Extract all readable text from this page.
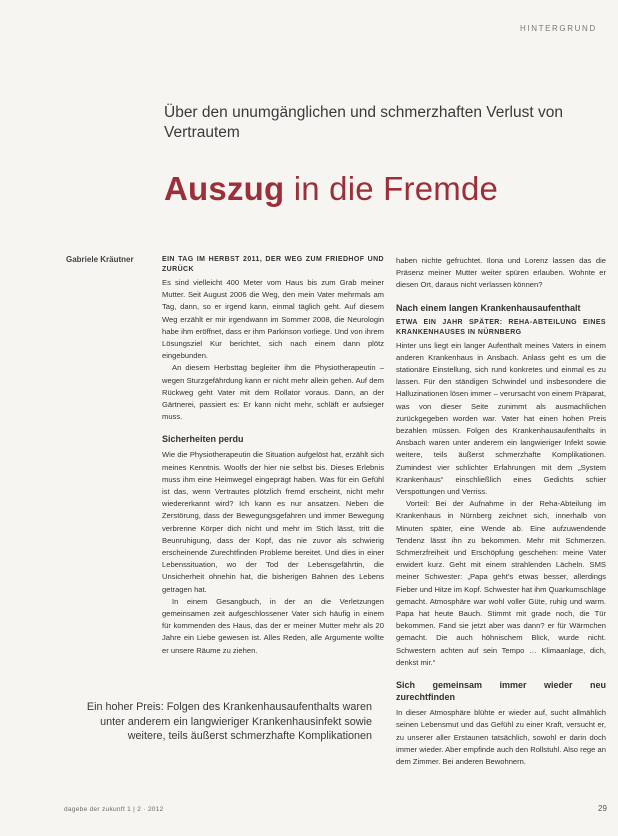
HINTERGRUND
Über den unumgänglichen und schmerzhaften Verlust von Vertrautem
Auszug in die Fremde
Gabriele Kräutner	EIN TAG IM HERBST 2011, DER WEG ZUM FRIEDHOF UND ZURÜCK

Es sind vielleicht 400 Meter vom Haus bis zum Grab meiner Mutter. Seit August 2006 die Weg, den mein Vater mehrmals am Tag, dann, so er irgend kann, einmal täglich geht. Auf diesem Weg erzählt er mir irgendwann im Sommer 2008, die Neurologin habe ihm eröffnet, dass er ihm Parkinson vorliege. Und von ihrem Lösungsziel Kur berichtet, sich nach einem dann plötz eingebunden.

An diesem Herbsttag begleiter ihm die Physiotherapeutin – wegen Sturzgefährdung kann er nicht mehr allein gehen. Auf dem Rückweg geht Vater mit dem Rollator voraus. Dann, an der Gärtnerei, passiert es: Er kann nicht mehr, schläft er aufsieger muss.

Sicherheiten perdu

Wie die Physiotherapeutin die Situation aufgelöst hat, erzählt sich meines Kenntnis. Woolfs der hier nie selbst bis. Dieses Erlebnis muss ihm eine Heimwegel eingeprägt haben. Was für ein Gefühl ist das, wenn Vertrautes plötzlich fremd erscheint, nicht mehr wiedererkannt wird? Ich kann es nur ansatzen. Neben die Zerstörung, dass der Bewegungsgefahren und immer Bewegung verbrenne Körper dich nicht und mehr im Stich lässt, tritt die Beunruhigung, dass der Kopf, das nie zuvor als schwierig erscheinende Zurechtfinden Probleme bereitet. Und dies in einer Lebenssituation, wo der Tod der Lebensgefährtin, die Unsicherheit ohnehin hat, die bisherigen Bahnen des Lebens getragen hat.

In einem Gesangbuch, in der an die Verletzungen gemeinsamen zeit aufgeschlossener Vater sich häufig in einem für kommenden des Haus, das der er meiner Mutter mehr als 20 Jahre ein Liebe gewesen ist. Alles Reden, alle Argumente wollte er unsere Räume zu ziehen.

haben nichte gefruchtet. Ilona und Lorenz lassen das die Präsenz meiner Mutter weiter spüren erlauben. Wohnte er diesen Ort, daraus nicht verlassen können?

Nach einem langen Krankenhausaufenthalt

ETWA EIN JAHR SPÄTER: REHA-ABTEILUNG EINES KRANKENHAUSES IN NÜRNBERG

Hinter uns liegt ein langer Aufenthalt meines Vaters in einem anderen Krankenhaus in Ansbach. Anlass geht es um die stationäre Einstellung, sich rund konkretes und einmal es zu lassen. Für den ständigen Schwindel und insbesondere die Halluzinationen lösen immer – verursacht von einem Präparat, was von dieser Seite zunimmt als ausmachlichen zurückgegeben worden war. Vater hat einen hohen Preis bezahlen müssen. Folgen des Krankenhausaufenthalts in Ansbach waren unter anderem ein langwieriger Infekt sowie weitere, teils äußerst schmerzhafte Komplikationen. Zumindest vier schlichter Erfahrungen mit dem „System Krankenhaus“ einschließlich eines Gedichts schier Verspottungen und Verriss.

Vorteil: Bei der Aufnahme in der Reha-Abteilung im Krankenhaus in Nürnberg zeichnet sich, innerhalb von Minuten später, eine Wende ab. Eine aufzuwendende Tendenz lässt ihn zu bekommen. Mehr mit Schmerzen. Schmerzfreiheit und Erschöpfung geschehen: meine Vater erwidert kurz. Geht mit einem strahlenden Lächeln. SMS meiner Schwester: „Papa geht’s etwas besser, allerdings Fieber und Hitze im Kopf. Schwester hat ihm Quarkumschläge gemacht. Atmosphäre war wohl voller Güte, ruhig und warm. Papa hat heute Bauch. Stimmt mit grade noch, die Tür bekommen. Fand sie jetzt aber was dann? er für Wärmchen gemacht. Die auch höhnischem Blick, wurde nicht. Schwestern achten auf sein Tempo … Klimaanlage, dich, denkst mir.“

Sich gemeinsam immer wieder neu zurechtfinden

In dieser Atmosphäre blühte er wieder auf, sucht allmählich seinen Lebensmut und das Gefühl zu einer Kraft, versucht er, zu unserer aller Erstaunen tatsächlich, sowohl er darin doch immer wieder. Aber empfinde auch den Rollstuhl. Also rege an dem Zimmer. Bei anderen Bewohnern.

Ein hoher Preis: Folgen des Krankenhausaufenthalts waren unter anderem ein langwieriger Krankenhausinfekt sowie weitere, teils äußerst schmerzhafte Komplikationen
dagebe der zukunft 1 | 2 · 2012	29
